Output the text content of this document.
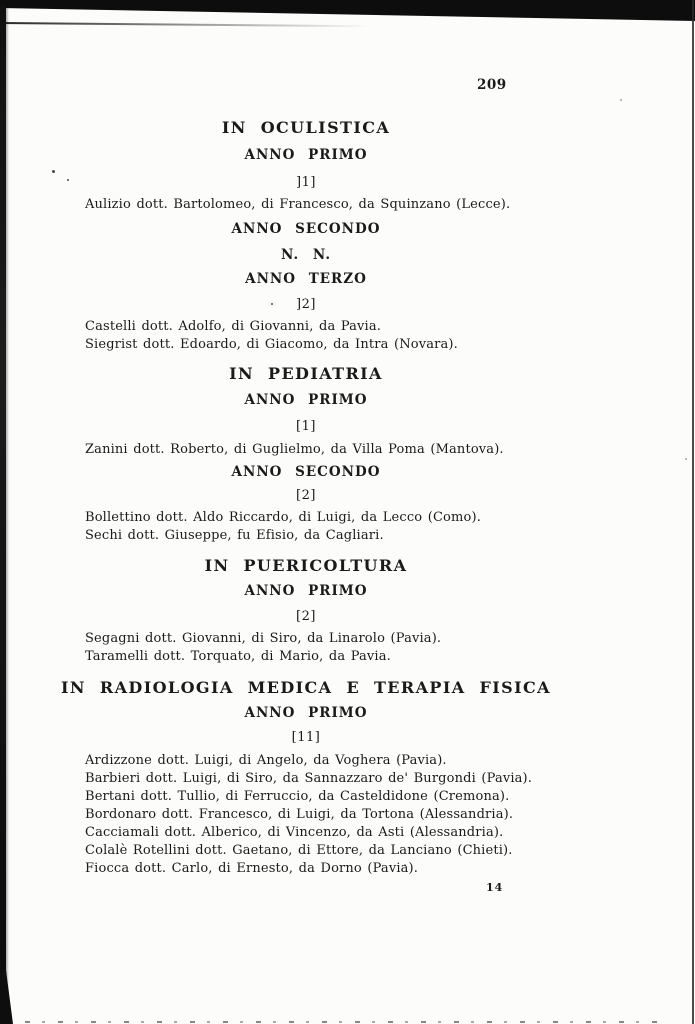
209
IN OCULISTICA
ANNO PRIMO
]1]
Aulizio dott. Bartolomeo, di Francesco, da Squinzano (Lecce).
ANNO SECONDO
N. N.
ANNO TERZO
]2]
Castelli dott. Adolfo, di Giovanni, da Pavia.
Siegrist dott. Edoardo, di Giacomo, da Intra (Novara).
IN PEDIATRIA
ANNO PRIMO
[1]
Zanini dott. Roberto, di Guglielmo, da Villa Poma (Mantova).
ANNO SECONDO
[2]
Bollettino dott. Aldo Riccardo, di Luigi, da Lecco (Como).
Sechi dott. Giuseppe, fu Efisio, da Cagliari.
IN PUERICOLTURA
ANNO PRIMO
[2]
Segagni dott. Giovanni, di Siro, da Linarolo (Pavia).
Taramelli dott. Torquato, di Mario, da Pavia.
IN RADIOLOGIA MEDICA E TERAPIA FISICA
ANNO PRIMO
[11]
Ardizzone dott. Luigi, di Angelo, da Voghera (Pavia).
Barbieri dott. Luigi, di Siro, da Sannazzaro de' Burgondi (Pavia).
Bertani dott. Tullio, di Ferruccio, da Casteldidone (Cremona).
Bordonaro dott. Francesco, di Luigi, da Tortona (Alessandria).
Cacciamali dott. Alberico, di Vincenzo, da Asti (Alessandria).
Colalè Rotellini dott. Gaetano, di Ettore, da Lanciano (Chieti).
Fiocca dott. Carlo, di Ernesto, da Dorno (Pavia).
14
